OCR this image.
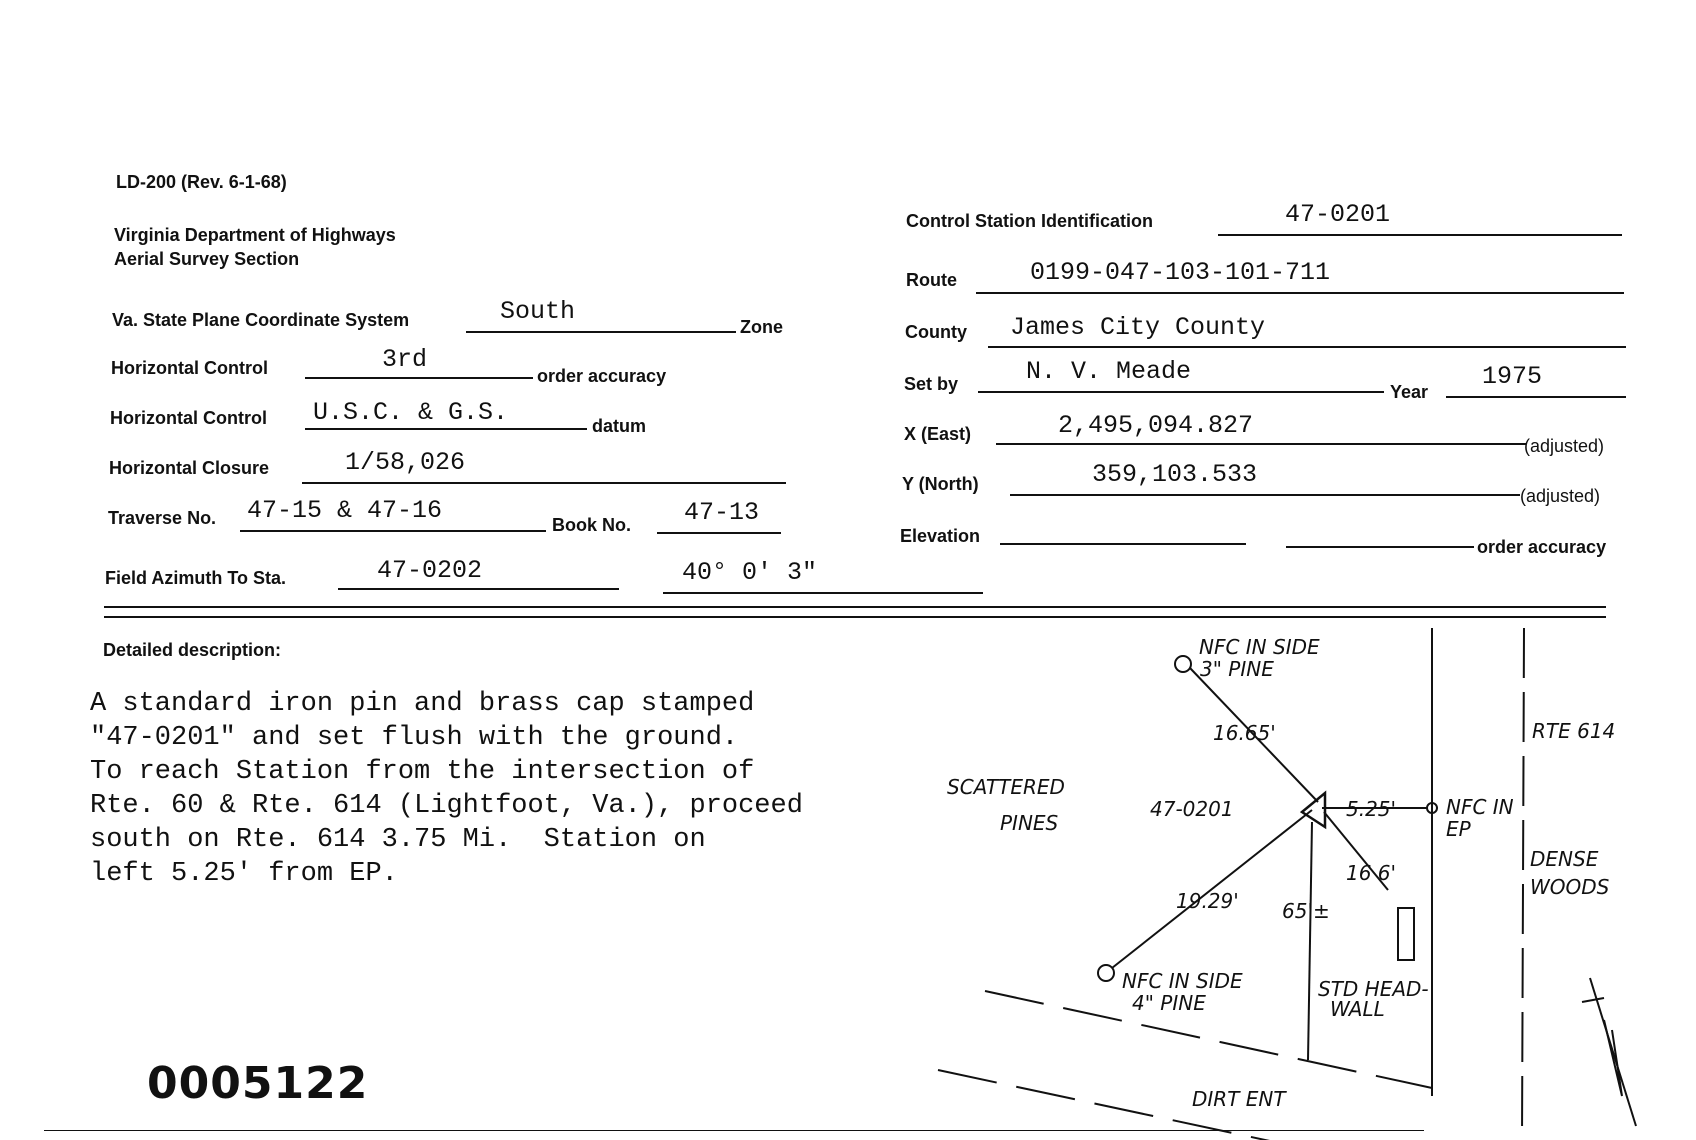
LD-200 (Rev. 6-1-68)
Virginia Department of Highways
Aerial Survey Section
Va. State Plane Coordinate System	South
Zone
Horizontal Control	3rd
order accuracy
Horizontal Control U.S.C. & G.S.	datum
Horizontal Closure	1/58,026
Traverse No. 47-15 & 47-16	Book No. 47-13
Field Azimuth To Sta.	47-0202	40° 0' 3"
Control Station Identification	47-0201
Route	0199-047-103-101-711
County James City County
Set by	N. V. Meade
Year
1975
X (East)	2,495,094.827
(adjusted)
Y (North)	359,103.533
(adjusted)
Elevation
order accuracy
Detailed description:
A standard iron pin and brass cap stamped
"47-0201" and set flush with the ground.
To reach Station from the intersection of
Rte. 60 & Rte. 614 (Lightfoot, Va.), proceed
south on Rte. 614 3.75 Mi.  Station on
left 5.25' from EP.
NFC IN SIDE
3" PINE
16.65'
SCATTERED
PINES
47-0201	5.25' NFC IN
EP
RTE 614
DENSE
WOODS
16 6'
19.29' 65'±
NFC IN SIDE
4" PINE
STD HEAD-
WALL
DIRT ENT
0005122
